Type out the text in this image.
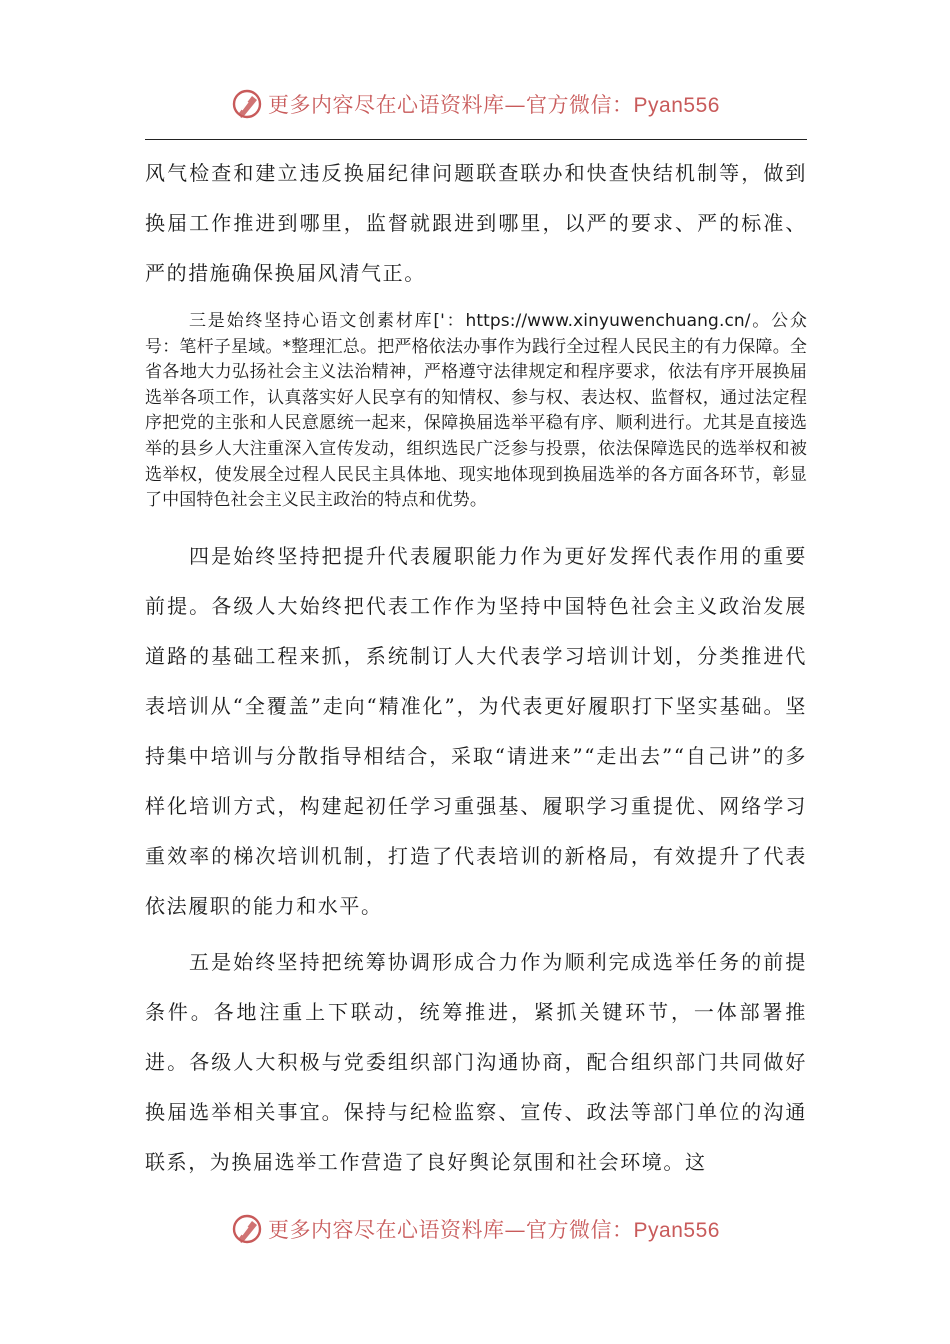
更多内容尽在心语资料库—官方微信：Pyan556

风气检查和建立违反换届纪律问题联查联办和快查快结机制等，做到换届工作推进到哪里，监督就跟进到哪里，以严的要求、严的标准、严的措施确保换届风清气正。

三是始终坚持心语文创素材库['：https://www.xinyuwenchuang.cn/。公众号：笔杆子星域。*整理汇总。把严格依法办事作为践行全过程人民民主的有力保障。全省各地大力弘扬社会主义法治精神，严格遵守法律规定和程序要求，依法有序开展换届选举各项工作，认真落实好人民享有的知情权、参与权、表达权、监督权，通过法定程序把党的主张和人民意愿统一起来，保障换届选举平稳有序、顺利进行。尤其是直接选举的县乡人大注重深入宣传发动，组织选民广泛参与投票，依法保障选民的选举权和被选举权，使发展全过程人民民主具体地、现实地体现到换届选举的各方面各环节，彰显了中国特色社会主义民主政治的特点和优势。

四是始终坚持把提升代表履职能力作为更好发挥代表作用的重要前提。各级人大始终把代表工作作为坚持中国特色社会主义政治发展道路的基础工程来抓，系统制订人大代表学习培训计划，分类推进代表培训从“全覆盖”走向“精准化”，为代表更好履职打下坚实基础。坚持集中培训与分散指导相结合，采取“请进来”“走出去”“自己讲”的多样化培训方式，构建起初任学习重强基、履职学习重提优、网络学习重效率的梯次培训机制，打造了代表培训的新格局，有效提升了代表依法履职的能力和水平。

五是始终坚持把统筹协调形成合力作为顺利完成选举任务的前提条件。各地注重上下联动，统筹推进，紧抓关键环节，一体部署推进。各级人大积极与党委组织部门沟通协商，配合组织部门共同做好换届选举相关事宜。保持与纪检监察、宣传、政法等部门单位的沟通联系，为换届选举工作营造了良好舆论氛围和社会环境。这

更多内容尽在心语资料库—官方微信：Pyan556
